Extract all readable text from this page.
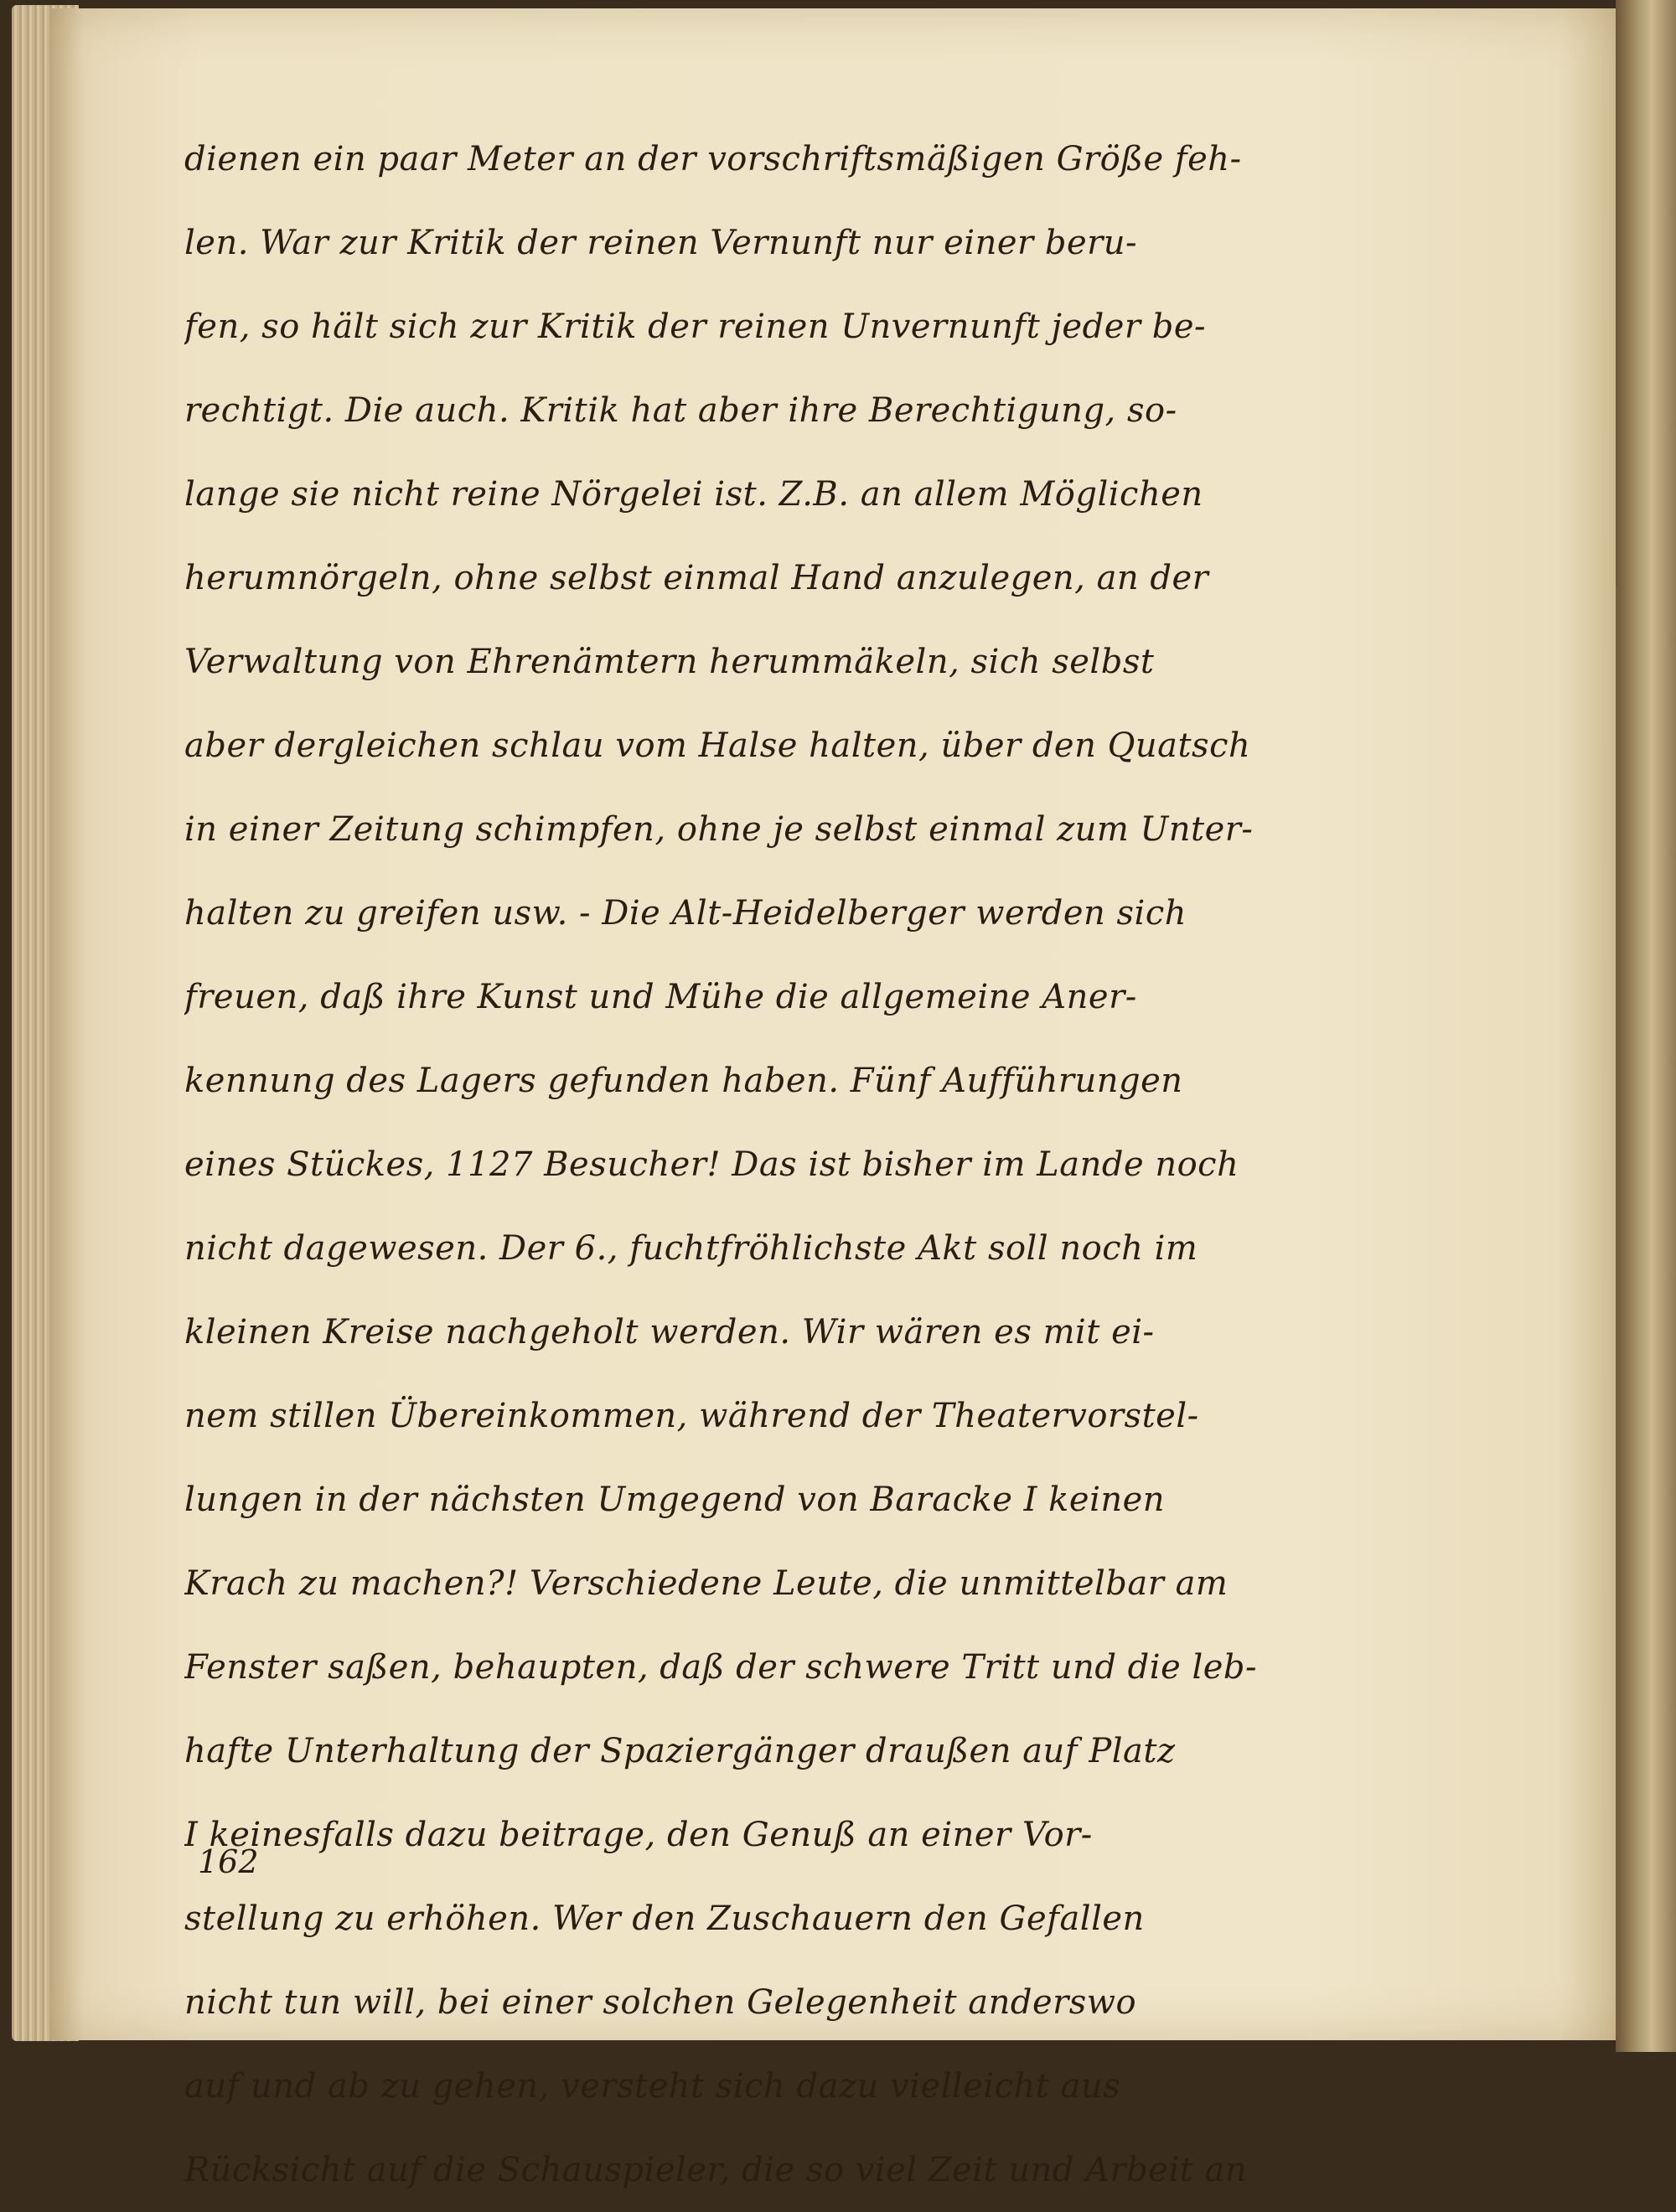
dienen ein paar Meter an der vorschriftsmäßigen Größe feh-
len. War zur Kritik der reinen Vernunft nur einer beru-
fen, so hält sich zur Kritik der reinen Unvernunft jeder be-
rechtigt. Die auch. Kritik hat aber ihre Berechtigung, so-
lange sie nicht reine Nörgelei ist. Z.B. an allem Möglichen
herumnörgeln, ohne selbst einmal Hand anzulegen, an der
Verwaltung von Ehrenämtern herummäkeln, sich selbst
aber dergleichen schlau vom Halse halten, über den Quatsch
in einer Zeitung schimpfen, ohne je selbst einmal zum Unter-
halten zu greifen usw. - Die Alt-Heidelberger werden sich
freuen, daß ihre Kunst und Mühe die allgemeine Aner-
kennung des Lagers gefunden haben. Fünf Aufführungen
eines Stückes, 1127 Besucher! Das ist bisher im Lande noch
nicht dagewesen. Der 6., fuchtfröhlichste Akt soll noch im
kleinen Kreise nachgeholt werden. Wir wären es mit ei-
nem stillen Übereinkommen, während der Theatervorstel-
lungen in der nächsten Umgegend von Baracke I keinen
Krach zu machen?! Verschiedene Leute, die unmittelbar am
Fenster saßen, behaupten, daß der schwere Tritt und die leb-
hafte Unterhaltung der Spaziergänger draußen auf Platz
I keinesfalls dazu beitrage, den Genuß an einer Vor-
stellung zu erhöhen. Wer den Zuschauern den Gefallen
nicht tun will, bei einer solchen Gelegenheit anderswo
auf und ab zu gehen, versteht sich dazu vielleicht aus
Rücksicht auf die Schauspieler, die so viel Zeit und Arbeit an
162
